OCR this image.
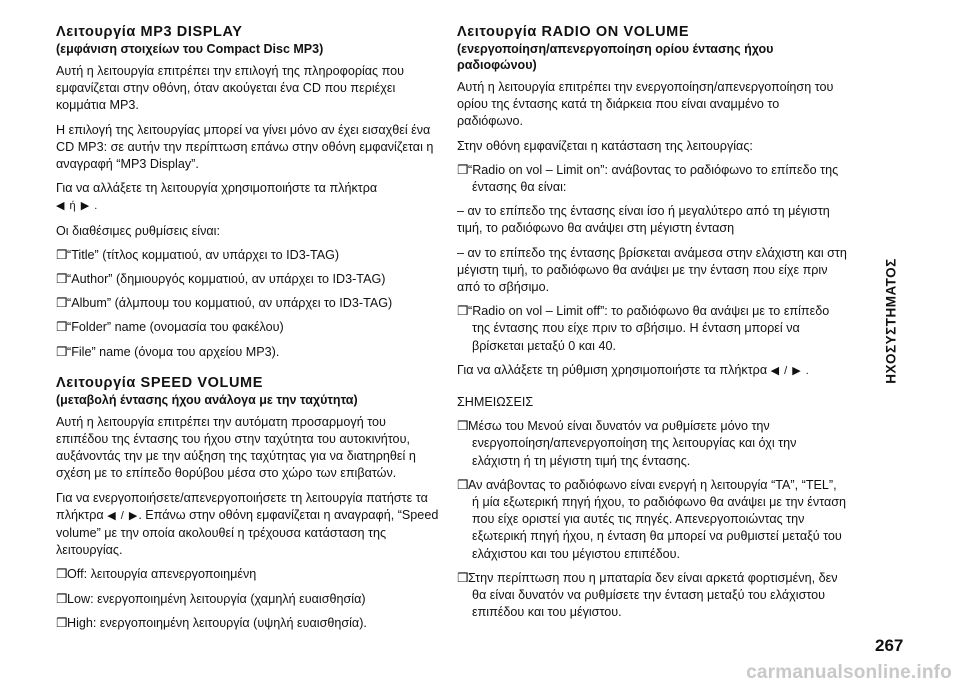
Λειτουργία MP3 DISPLAY
(εμφάνιση στοιχείων του Compact Disc MP3)

Αυτή η λειτουργία επιτρέπει την επιλογή της πληροφορίας που εμφανίζεται στην οθόνη, όταν ακούγεται ένα CD που περιέχει κομμάτια MP3.

Η επιλογή της λειτουργίας μπορεί να γίνει μόνο αν έχει εισαχθεί ένα CD MP3: σε αυτήν την περίπτωση επάνω στην οθόνη εμφανίζεται η αναγραφή “MP3 Display”.

Για να αλλάξετε τη λειτουργία χρησιμοποιήστε τα πλήκτρα
◀ ή ▶ .

Οι διαθέσιμες ρυθμίσεις είναι:

❒“Title” (τίτλος κομματιού, αν υπάρχει το ID3-TAG)
❒“Author” (δημιουργός κομματιού, αν υπάρχει το ID3-TAG)
❒“Album” (άλμπουμ του κομματιού, αν υπάρχει το ID3-TAG)
❒“Folder” name (ονομασία του φακέλου)
❒“File” name (όνομα του αρχείου MP3).
Λειτουργία SPEED VOLUME
(μεταβολή έντασης ήχου ανάλογα με την ταχύτητα)

Αυτή η λειτουργία επιτρέπει την αυτόματη προσαρμογή του επιπέδου της έντασης του ήχου στην ταχύτητα του αυτοκινήτου, αυξάνοντάς την με την αύξηση της ταχύτητας για να διατηρηθεί η σχέση με το επίπεδο θορύβου μέσα στο χώρο των επιβατών.

Για να ενεργοποιήσετε/απενεργοποιήσετε τη λειτουργία πατήστε τα πλήκτρα ◀ / ▶. Επάνω στην οθόνη εμφανίζεται η αναγραφή, “Speed volume” με την οποία ακολουθεί η τρέχουσα κατάσταση της λειτουργίας.

❒Off: λειτουργία απενεργοποιημένη
❒Low: ενεργοποιημένη λειτουργία (χαμηλή ευαισθησία)
❒High: ενεργοποιημένη λειτουργία (υψηλή ευαισθησία).
Λειτουργία RADIO ON VOLUME
(ενεργοποίηση/απενεργοποίηση ορίου έντασης ήχου ραδιοφώνου)

Αυτή η λειτουργία επιτρέπει την ενεργοποίηση/απενεργοποίηση του ορίου της έντασης κατά τη διάρκεια που είναι αναμμένο το ραδιόφωνο.

Στην οθόνη εμφανίζεται η κατάσταση της λειτουργίας:

❒“Radio on vol – Limit on”: ανάβοντας το ραδιόφωνο το επίπεδο της έντασης θα είναι:

– αν το επίπεδο της έντασης είναι ίσο ή μεγαλύτερο από τη μέγιστη τιμή, το ραδιόφωνο θα ανάψει στη μέγιστη ένταση

– αν το επίπεδο της έντασης βρίσκεται ανάμεσα στην ελάχιστη και στη μέγιστη τιμή, το ραδιόφωνο θα ανάψει με την ένταση που είχε πριν από το σβήσιμο.

❒“Radio on vol – Limit off”: το ραδιόφωνο θα ανάψει με το επίπεδο της έντασης που είχε πριν το σβήσιμο. Η ένταση μπορεί να βρίσκεται μεταξύ 0 και 40.

Για να αλλάξετε τη ρύθμιση χρησιμοποιήστε τα πλήκτρα ◀ / ▶ .

ΣΗΜΕΙΩΣΕΙΣ

❒Μέσω του Μενού είναι δυνατόν να ρυθμίσετε μόνο την ενεργοποίηση/απενεργοποίηση της λειτουργίας και όχι την ελάχιστη ή τη μέγιστη τιμή της έντασης.
❒Αν ανάβοντας το ραδιόφωνο είναι ενεργή η λειτουργία “TA”, “TEL”, ή μία εξωτερική πηγή ήχου, το ραδιόφωνο θα ανάψει με την ένταση που είχε οριστεί για αυτές τις πηγές. Απενεργοποιώντας την εξωτερική πηγή ήχου, η ένταση θα μπορεί να ρυθμιστεί μεταξύ του ελάχιστου και του μέγιστου επιπέδου.
❒Στην περίπτωση που η μπαταρία δεν είναι αρκετά φορτισμένη, δεν θα είναι δυνατόν να ρυθμίσετε την ένταση μεταξύ του ελάχιστου επιπέδου και του μέγιστου.
ΗΧΟΣΥΣΤΗΜΑΤΟΣ
267
carmanualsonline.info
